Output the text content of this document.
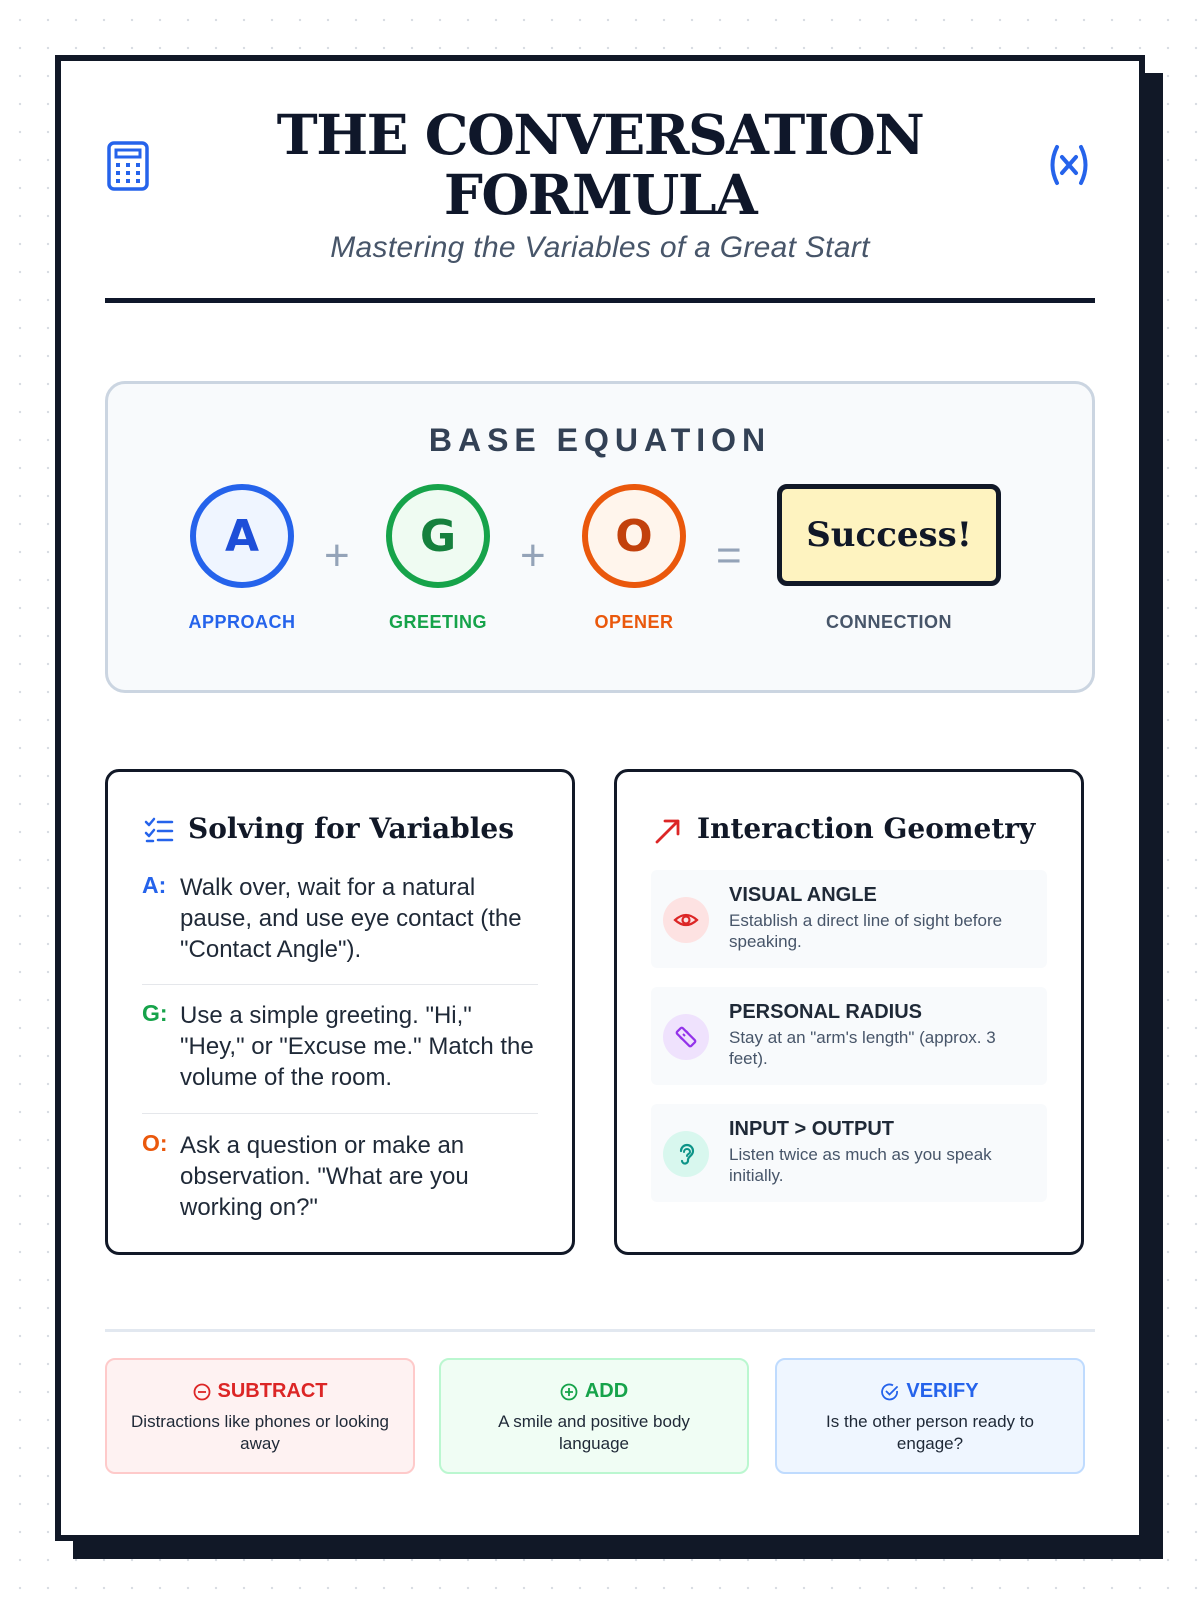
THE CONVERSATION FORMULA
Mastering the Variables of a Great Start
BASE EQUATION
A	+	G	+	O	=	Success!
APPROACH	GREETING	OPENER	CONNECTION
Solving for Variables
A: Walk over, wait for a natural pause, and use eye contact (the "Contact Angle").
G: Use a simple greeting. "Hi," "Hey," or "Excuse me." Match the volume of the room.
O: Ask a question or make an observation. "What are you working on?"
Interaction Geometry
VISUAL ANGLE
Establish a direct line of sight before speaking.
PERSONAL RADIUS
Stay at an "arm's length" (approx. 3 feet).
INPUT > OUTPUT
Listen twice as much as you speak initially.
SUBTRACT
Distractions like phones or looking away
ADD
A smile and positive body language
VERIFY
Is the other person ready to engage?
